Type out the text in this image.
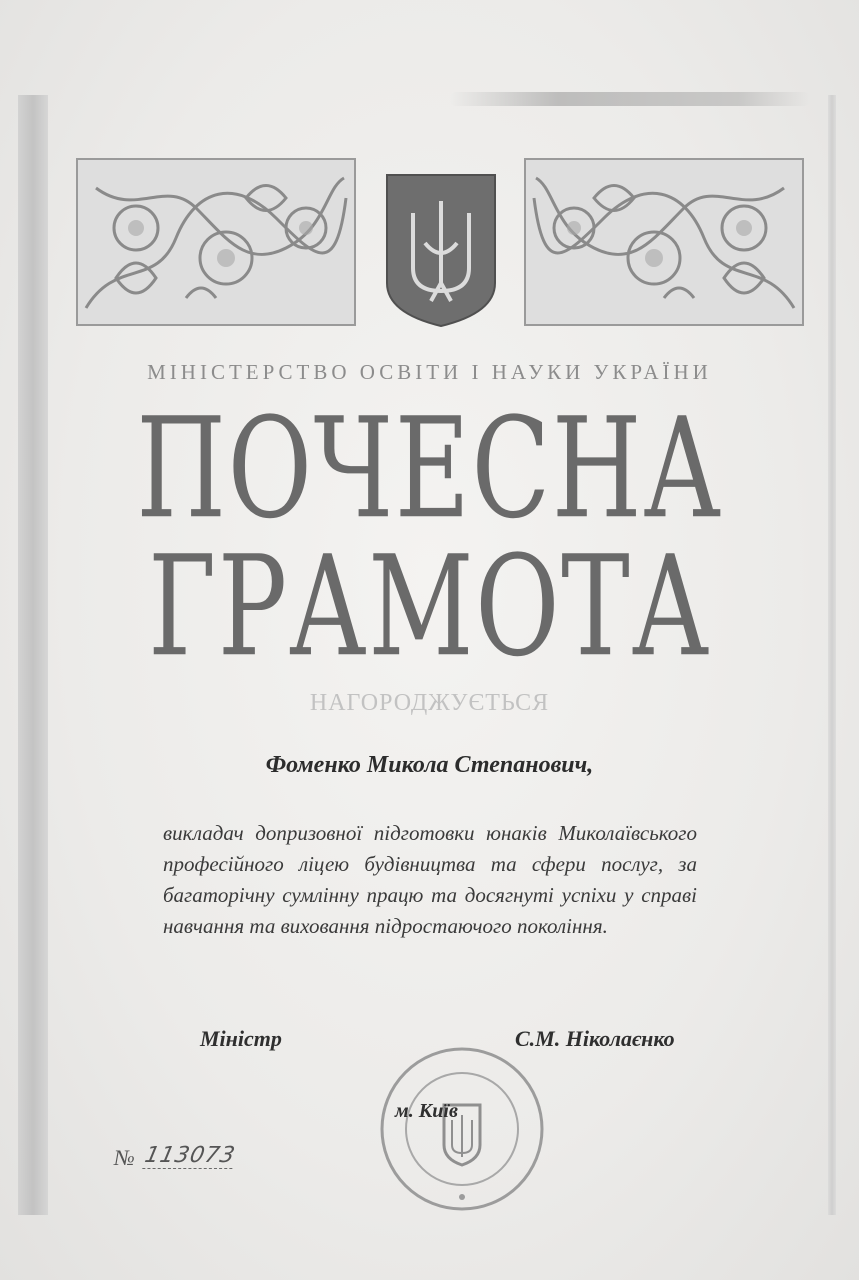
МІНІСТЕРСТВО ОСВІТИ І НАУКИ УКРАЇНИ
ПОЧЕСНА
ГРАМОТА
НАГОРОДЖУЄТЬСЯ
Фоменко Микола Степанович,
викладач допризовної підготовки юнаків Миколаївського професійного ліцею будівництва та сфери послуг, за багаторічну сумлінну працю та досягнуті успіхи у справі навчання та виховання підростаючого покоління.
Міністр	С.М. Ніколаєнко
м. Київ
№ 113073
